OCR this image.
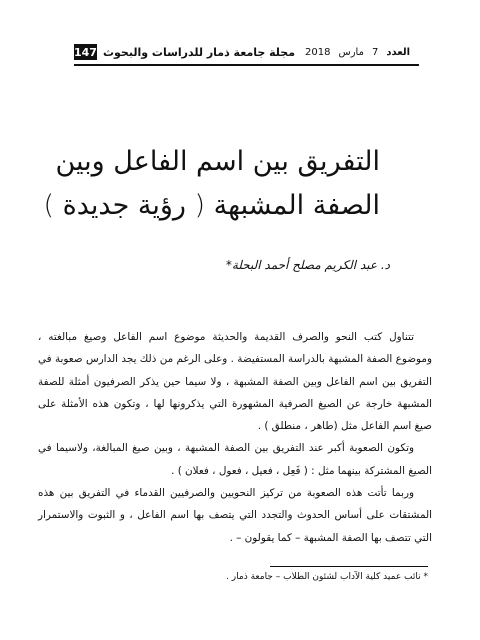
147 مجلة جامعة ذمار للدراسات والبحوث	العدد
7
مارس
2018
التفريق بين اسم الفاعل وبين
الصفة المشبهة ( رؤية جديدة )
د. عبد الكريم مصلح أحمد البحلة*

تتناول كتب النحو والصرف القديمة والحديثة موضوع اسم الفاعل وصيغ مبالغته ، وموضوع الصفة المشبهة بالدراسة المستفيضة . وعلى الرغم من ذلك يجد الدارس صعوبة في التفريق بين اسم الفاعل وبين الصفة المشبهة ، ولا سيما حين يذكر الصرفيون أمثلة للصفة المشبهة خارجة عن الصيغ الصرفية المشهورة التي يذكرونها لها ، وتكون هذه الأمثلة على صيغ اسم الفاعل مثل (طاهر ، منطلق ) .

وتكون الصعوبة أكبر عند التفريق بين الصفة المشبهة ، وبين صيغ المبالغة، ولاسيما في الصيغ المشتركة بينهما مثل : ( فَعِل ، فعيل ، فعول ، فعلان ) .

وربما تأتت هذه الصعوبة من تركيز النحويين والصرفيين القدماء في التفريق بين هذه المشتقات على أساس الحدوث والتجدد التي يتصف بها اسم الفاعل ، و الثبوت والاستمرار التي تتصف بها الصفة المشبهة – كما يقولون – .

* نائب عميد كلية الآداب لشئون الطلاب – جامعة ذمار .
